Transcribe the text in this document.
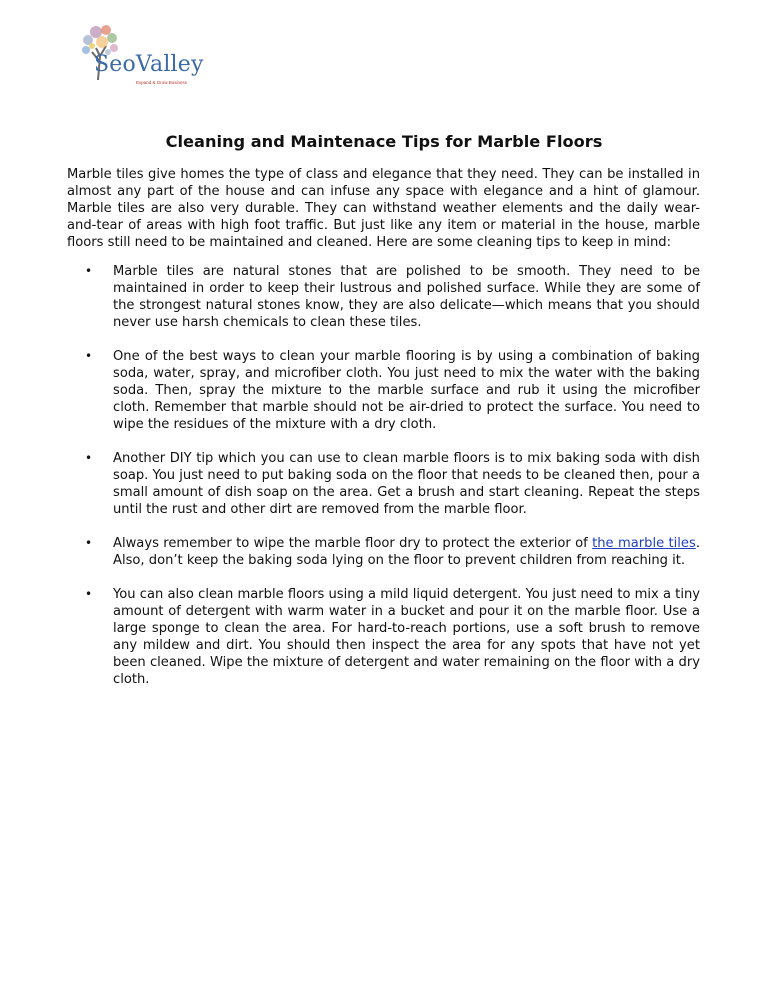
SeoValley
Expand & Grow Business
Cleaning and Maintenace Tips for Marble Floors

Marble tiles give homes the type of class and elegance that they need. They can be installed in almost any part of the house and can infuse any space with elegance and a hint of glamour. Marble tiles are also very durable. They can withstand weather elements and the daily wear-and-tear of areas with high foot traffic. But just like any item or material in the house, marble floors still need to be maintained and cleaned. Here are some cleaning tips to keep in mind:

• Marble tiles are natural stones that are polished to be smooth. They need to be maintained in order to keep their lustrous and polished surface. While they are some of the strongest natural stones know, they are also delicate—which means that you should never use harsh chemicals to clean these tiles.
• One of the best ways to clean your marble flooring is by using a combination of baking soda, water, spray, and microfiber cloth. You just need to mix the water with the baking soda. Then, spray the mixture to the marble surface and rub it using the microfiber cloth. Remember that marble should not be air-dried to protect the surface. You need to wipe the residues of the mixture with a dry cloth.
• Another DIY tip which you can use to clean marble floors is to mix baking soda with dish soap. You just need to put baking soda on the floor that needs to be cleaned then, pour a small amount of dish soap on the area. Get a brush and start cleaning. Repeat the steps until the rust and other dirt are removed from the marble floor.
• Always remember to wipe the marble floor dry to protect the exterior of the marble tiles. Also, don’t keep the baking soda lying on the floor to prevent children from reaching it.
• You can also clean marble floors using a mild liquid detergent. You just need to mix a tiny amount of detergent with warm water in a bucket and pour it on the marble floor. Use a large sponge to clean the area. For hard-to-reach portions, use a soft brush to remove any mildew and dirt. You should then inspect the area for any spots that have not yet been cleaned. Wipe the mixture of detergent and water remaining on the floor with a dry cloth.
